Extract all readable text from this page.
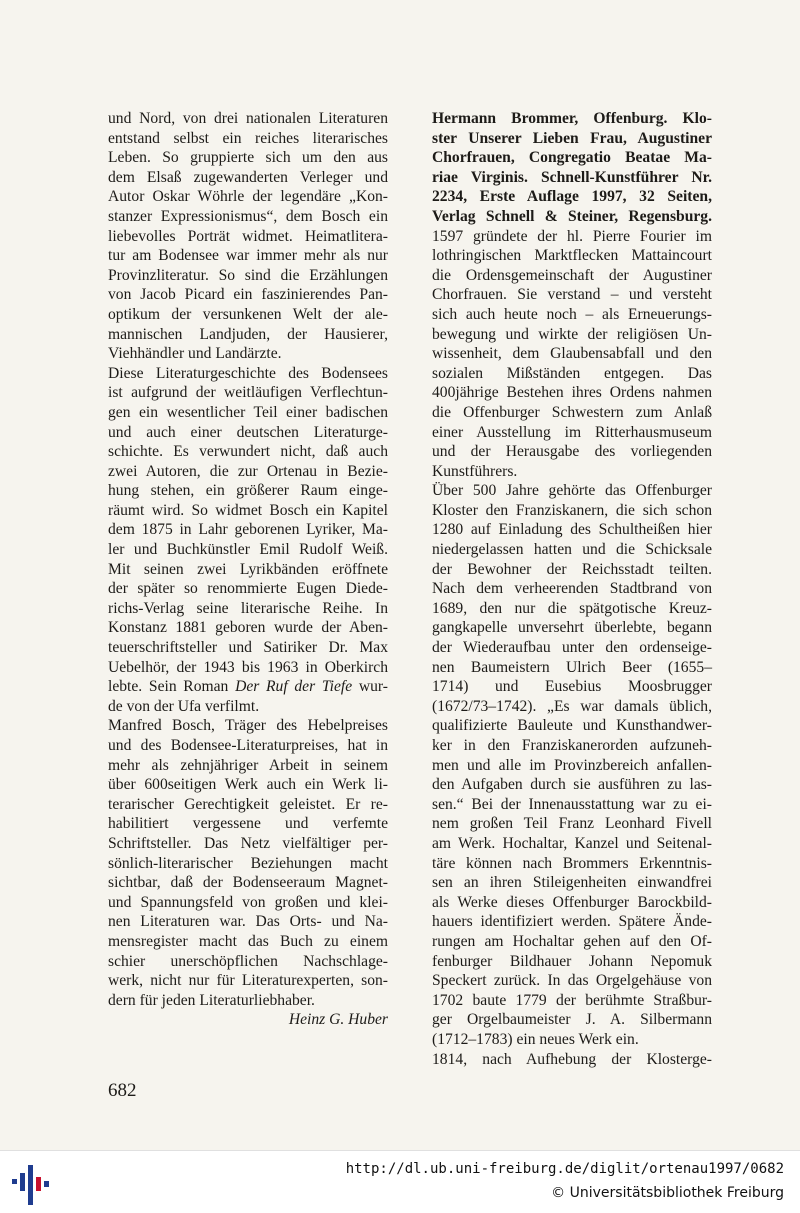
und Nord, von drei nationalen Literaturen
entstand selbst ein reiches literarisches
Leben. So gruppierte sich um den aus
dem Elsaß zugewanderten Verleger und
Autor Oskar Wöhrle der legendäre „Kon-
stanzer Expressionismus“, dem Bosch ein
liebevolles Porträt widmet. Heimatlitera-
tur am Bodensee war immer mehr als nur
Provinzliteratur. So sind die Erzählungen
von Jacob Picard ein faszinierendes Pan-
optikum der versunkenen Welt der ale-
mannischen Landjuden, der Hausierer,
Viehhändler und Landärzte.
Diese Literaturgeschichte des Bodensees
ist aufgrund der weitläufigen Verflechtun-
gen ein wesentlicher Teil einer badischen
und auch einer deutschen Literaturge-
schichte. Es verwundert nicht, daß auch
zwei Autoren, die zur Ortenau in Bezie-
hung stehen, ein größerer Raum einge-
räumt wird. So widmet Bosch ein Kapitel
dem 1875 in Lahr geborenen Lyriker, Ma-
ler und Buchkünstler Emil Rudolf Weiß.
Mit seinen zwei Lyrikbänden eröffnete
der später so renommierte Eugen Diede-
richs-Verlag seine literarische Reihe. In
Konstanz 1881 geboren wurde der Aben-
teuerschriftsteller und Satiriker Dr. Max
Uebelhör, der 1943 bis 1963 in Oberkirch
lebte. Sein Roman Der Ruf der Tiefe wur-
de von der Ufa verfilmt.
Manfred Bosch, Träger des Hebelpreises
und des Bodensee-Literaturpreises, hat in
mehr als zehnjähriger Arbeit in seinem
über 600seitigen Werk auch ein Werk li-
terarischer Gerechtigkeit geleistet. Er re-
habilitiert vergessene und verfemte
Schriftsteller. Das Netz vielfältiger per-
sönlich-literarischer Beziehungen macht
sichtbar, daß der Bodenseeraum Magnet-
und Spannungsfeld von großen und klei-
nen Literaturen war. Das Orts- und Na-
mensregister macht das Buch zu einem
schier unerschöpflichen Nachschlage-
werk, nicht nur für Literaturexperten, son-
dern für jeden Literaturliebhaber.
Heinz G. Huber
Hermann Brommer, Offenburg. Klo-
ster Unserer Lieben Frau, Augustiner
Chorfrauen, Congregatio Beatae Ma-
riae Virginis. Schnell-Kunstführer Nr.
2234, Erste Auflage 1997, 32 Seiten,
Verlag Schnell & Steiner, Regensburg.
1597 gründete der hl. Pierre Fourier im
lothringischen Marktflecken Mattaincourt
die Ordensgemeinschaft der Augustiner
Chorfrauen. Sie verstand – und versteht
sich auch heute noch – als Erneuerungs-
bewegung und wirkte der religiösen Un-
wissenheit, dem Glaubensabfall und den
sozialen Mißständen entgegen. Das
400jährige Bestehen ihres Ordens nahmen
die Offenburger Schwestern zum Anlaß
einer Ausstellung im Ritterhausmuseum
und der Herausgabe des vorliegenden
Kunstführers.
Über 500 Jahre gehörte das Offenburger
Kloster den Franziskanern, die sich schon
1280 auf Einladung des Schultheißen hier
niedergelassen hatten und die Schicksale
der Bewohner der Reichsstadt teilten.
Nach dem verheerenden Stadtbrand von
1689, den nur die spätgotische Kreuz-
gangkapelle unversehrt überlebte, begann
der Wiederaufbau unter den ordenseige-
nen Baumeistern Ulrich Beer (1655–
1714) und Eusebius Moosbrugger
(1672/73–1742). „Es war damals üblich,
qualifizierte Bauleute und Kunsthandwer-
ker in den Franziskanerorden aufzuneh-
men und alle im Provinzbereich anfallen-
den Aufgaben durch sie ausführen zu las-
sen.“ Bei der Innenausstattung war zu ei-
nem großen Teil Franz Leonhard Fivell
am Werk. Hochaltar, Kanzel und Seitenal-
täre können nach Brommers Erkenntnis-
sen an ihren Stileigenheiten einwandfrei
als Werke dieses Offenburger Barockbild-
hauers identifiziert werden. Spätere Ände-
rungen am Hochaltar gehen auf den Of-
fenburger Bildhauer Johann Nepomuk
Speckert zurück. In das Orgelgehäuse von
1702 baute 1779 der berühmte Straßbur-
ger Orgelbaumeister J. A. Silbermann
(1712–1783) ein neues Werk ein.
1814, nach Aufhebung der Klosterge-
682
http://dl.ub.uni-freiburg.de/diglit/ortenau1997/0682
© Universitätsbibliothek Freiburg
